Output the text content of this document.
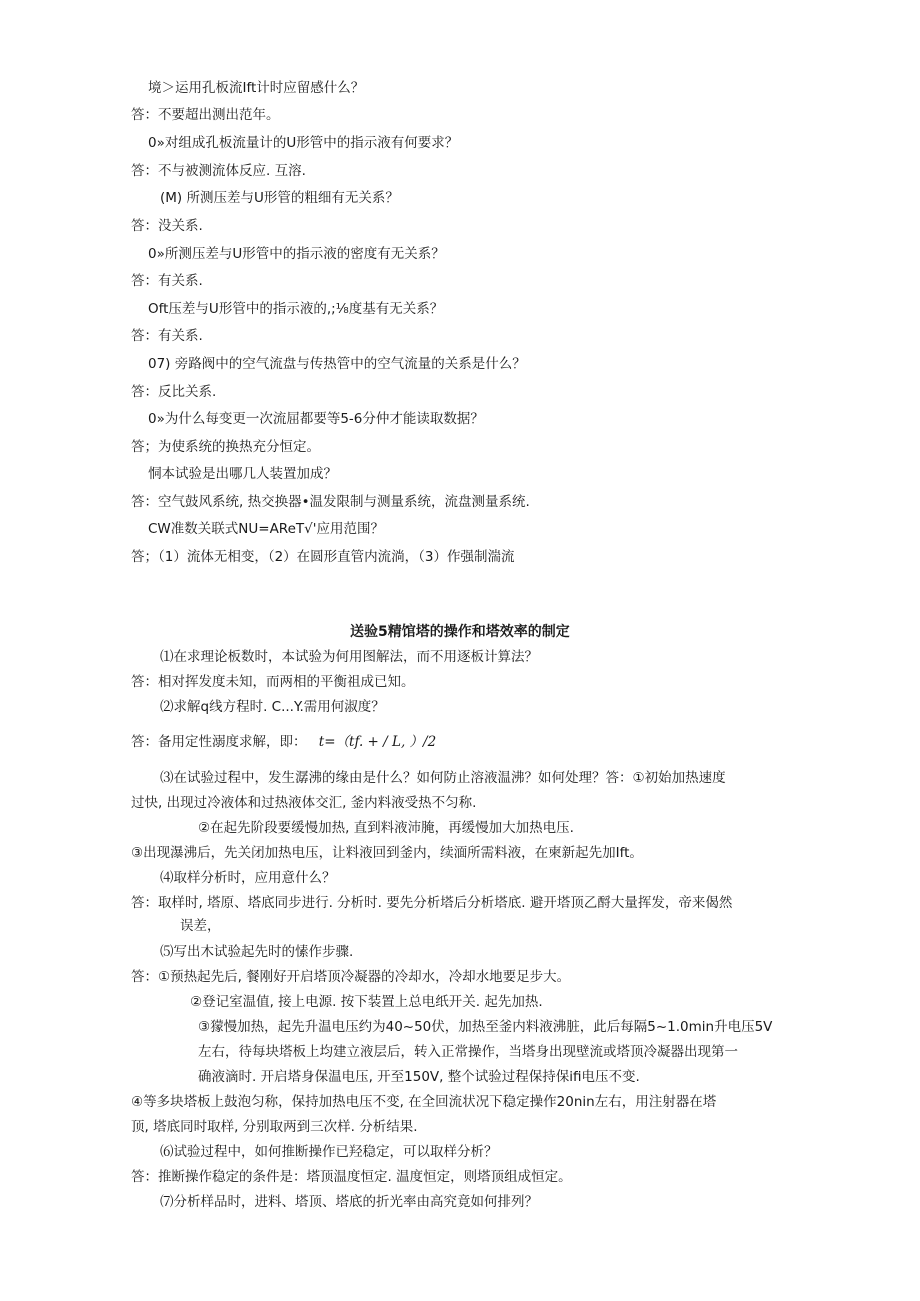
境＞运用孔板流Ift计时应留感什么？
答：不要超出测出范年。
0»对组成孔板流量计的U形管中的指示液有何要求？
答：不与被测流体反应. 互溶.
(M) 所测压差与U形管的粗细有无关系？
答：没关系.
0»所测压差与U形管中的指示液的密度有无关系？
答：有关系.
Oft压差与U形管中的指示液的,;⅛度基有无关系？
答：有关系.
07) 旁路阀中的空气流盘与传热管中的空气流量的关系是什么？
答：反比关系.
0»为什么每变更一次流屈都要等5-6分仲才能读取数据？
答；为使系统的换热充分恒定。
恫本试验是出哪几人装置加成？
答：空气鼓风系统, 热交换器•温发限制与测量系统，流盘测量系统.
CW准数关联式NU=AReT√'应用范围？
答；（1）流体无相变，（2）在圆形直管内流淌，（3）作强制湍流
送验5精馆塔的操作和塔效率的制定
⑴在求理论板数时，本试验为何用图解法，而不用逐板计算法？
答：相对挥发度未知，而两相的平衡祖成已知。
⑵求解q线方程时. C...Y.需用何淑度？
答：备用定性溺度求解，即： t=（tf. + / L, ）/2
⑶在试验过程中，发生潺沸的缘由是什么？如何防止溶液温沸？如何处理？答：①初始加热速度
过快, 出现过冷液体和过热液体交汇, 釜内料液受热不匀称.
②在起先阶段要缓慢加热, 直到料液沛腌，再缓慢加大加热电压.
③出现瀑沸后，先关闭加热电压，让料液回到釜内，续湎所需料液，在柬新起先加Ift。
⑷取样分析时，应用意什么？
答：取样时, 塔原、塔底同步进行. 分析时. 要先分析塔后分析塔底. 避开塔顶乙酹大量挥发，帝来偈然
误差，
⑸写出木试验起先时的愫作步骤.
答：①预热起先后, 餐刚好开启塔顶冷凝器的冷却水，冷却水地要足步大。
②登记室温值, 接上电源. 按下装置上总电纸开关. 起先加热.
③獴慢加热，起先升温电压约为40~50伏，加热至釜内料液沸脏，此后每隔5~1.0min升电压5V
左右，待每块塔板上均建立液层后，转入正常操作，当塔身出现壁流或塔顶冷凝器出现第一
确液滴时. 开启塔身保温电压, 开至150V, 整个试验过程保持保ifi电压不变.
④等多块塔板上鼓泡匀称，保持加热电压不变, 在全回流状况下稳定操作20nin左右，用注射器在塔
顶, 塔底同时取样, 分别取两到三次样. 分析结果.
⑹试验过程中，如何推断操作已羟稳定，可以取样分析？
答：推断操作稳定的条件是：塔顶温度恒定. 温度恒定，则塔顶组成恒定。
⑺分析样品时，进料、塔顶、塔底的折光率由高究竟如何排列？
